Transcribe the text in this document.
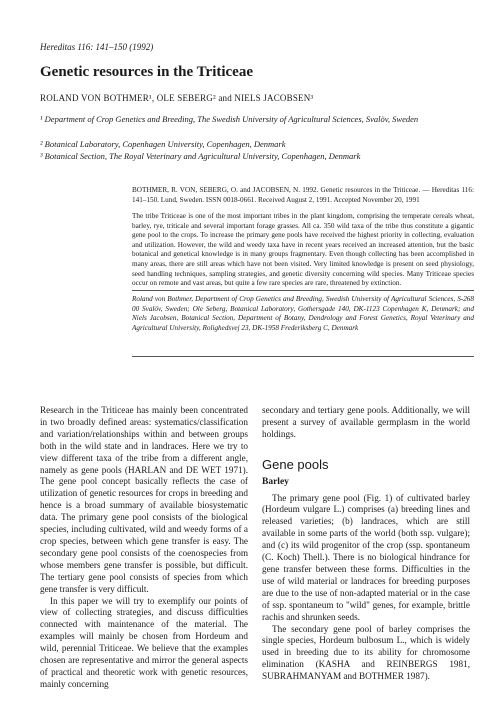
Hereditas 116: 141–150 (1992)
Genetic resources in the Triticeae
ROLAND VON BOTHMER¹, OLE SEBERG² and NIELS JACOBSEN³
¹ Department of Crop Genetics and Breeding, The Swedish University of Agricultural Sciences, Svalöv, Sweden
² Botanical Laboratory, Copenhagen University, Copenhagen, Denmark
³ Botanical Section, The Royal Veterinary and Agricultural University, Copenhagen, Denmark
BOTHMER, R. VON, SEBERG, O. and JACOBSEN, N. 1992. Genetic resources in the Triticeae. — Hereditas 116: 141–150. Lund, Sweden. ISSN 0018-0661. Received August 2, 1991. Accepted November 20, 1991
The tribe Triticeae is one of the most important tribes in the plant kingdom, comprising the temperate cereals wheat, barley, rye, triticale and several important forage grasses. All ca. 350 wild taxa of the tribe thus constitute a gigantic gene pool to the crops. To increase the primary gene pools have received the highest priority in collecting, evaluation and utilization. However, the wild and weedy taxa have in recent years received an increased attention, but the basic botanical and genetical knowledge is in many groups fragmentary. Even though collecting has been accomplished in many areas, there are still areas which have not been visited. Very limited knowledge is present on seed physiology, seed handling techniques, sampling strategies, and genetic diversity concerning wild species. Many Triticeae species occur on remote and vast areas, but quite a few rare species are rare, threatened by extinction.
Roland von Bothmer, Department of Crop Genetics and Breeding, Swedish University of Agricultural Sciences, S-268 00 Svalöv, Sweden; Ole Seberg, Botanical Laboratory, Gothersgade 140, DK-1123 Copenhagen K, Denmark; and Niels Jacobsen, Botanical Section, Department of Botany, Dendrology and Forest Genetics, Royal Veterinary and Agricultural University, Rolighedsvej 23, DK-1958 Frederiksberg C, Denmark

Research in the Triticeae has mainly been concentrated in two broadly defined areas: systematics/classification and variation/relationships within and between groups both in the wild state and in landraces. Here we try to view different taxa of the tribe from a different angle, namely as gene pools (HARLAN and DE WET 1971). The gene pool concept basically reflects the case of utilization of genetic resources for crops in breeding and hence is a broad summary of available biosystematic data. The primary gene pool consists of the biological species, including cultivated, wild and weedy forms of a crop species, between which gene transfer is easy. The secondary gene pool consists of the coenospecies from whose members gene transfer is possible, but difficult. The tertiary gene pool consists of species from which gene transfer is very difficult.

In this paper we will try to exemplify our points of view of collecting strategies, and discuss difficulties connected with maintenance of the material. The examples will mainly be chosen from Hordeum and wild, perennial Triticeae. We believe that the examples chosen are representative and mirror the general aspects of practical and theoretic work with genetic resources, mainly concerning

secondary and tertiary gene pools. Additionally, we will present a survey of available germplasm in the world holdings.

Gene pools
Barley

The primary gene pool (Fig. 1) of cultivated barley (Hordeum vulgare L.) comprises (a) breeding lines and released varieties; (b) landraces, which are still available in some parts of the world (both ssp. vulgare); and (c) its wild progenitor of the crop (ssp. spontaneum (C. Koch) Thell.). There is no biological hindrance for gene transfer between these forms. Difficulties in the use of wild material or landraces for breeding purposes are due to the use of non-adapted material or in the case of ssp. spontaneum to "wild" genes, for example, brittle rachis and shrunken seeds.

The secondary gene pool of barley comprises the single species, Hordeum bulbosum L., which is widely used in breeding due to its ability for chromosome elimination (KASHA and REINBERGS 1981, SUBRAHMANYAM and BOTHMER 1987).
